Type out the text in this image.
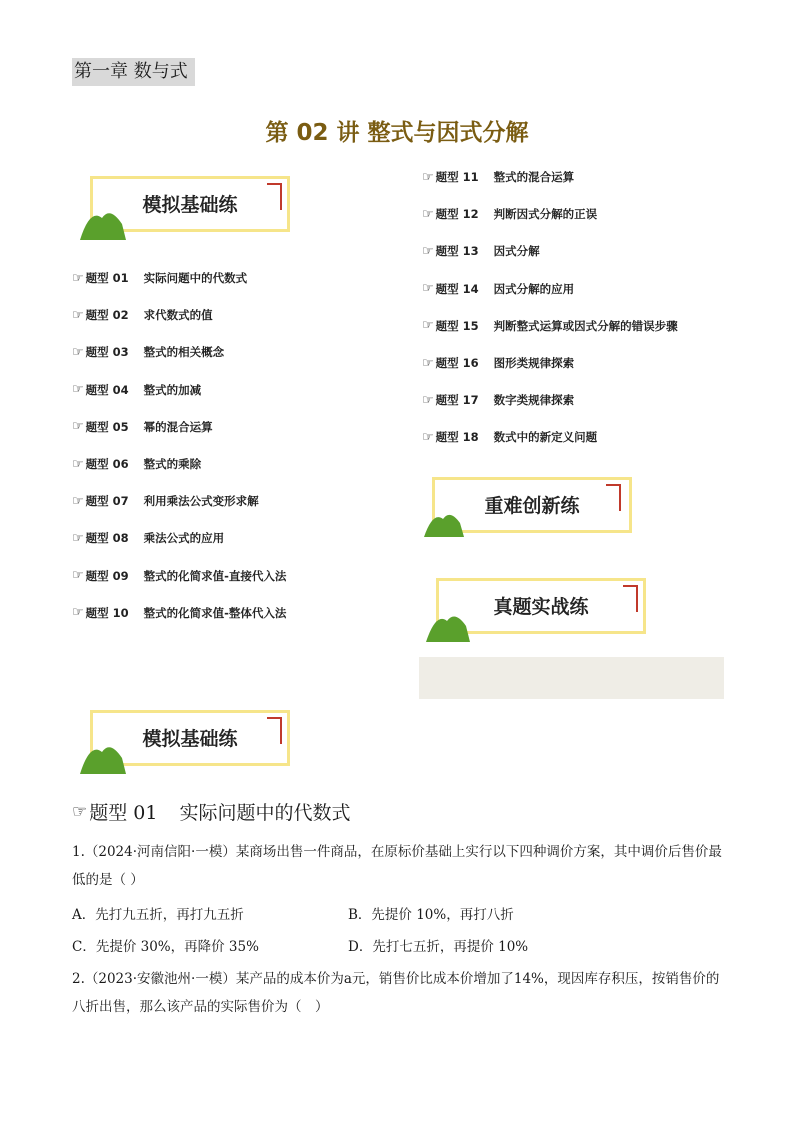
第一章 数与式
第 02 讲 整式与因式分解
模拟基础练
☞ 题型 01	实际问题中的代数式
☞ 题型 02	求代数式的值
☞ 题型 03	整式的相关概念
☞ 题型 04	整式的加减
☞ 题型 05	幂的混合运算
☞ 题型 06	整式的乘除
☞ 题型 07	利用乘法公式变形求解
☞ 题型 08	乘法公式的应用
☞ 题型 09	整式的化简求值-直接代入法
☞ 题型 10	整式的化简求值-整体代入法
☞ 题型 11	整式的混合运算
☞ 题型 12	判断因式分解的正误
☞ 题型 13	因式分解
☞ 题型 14	因式分解的应用
☞ 题型 15	判断整式运算或因式分解的错误步骤
☞ 题型 16	图形类规律探索
☞ 题型 17	数字类规律探索
☞ 题型 18	数式中的新定义问题
重难创新练
真题实战练
模拟基础练
☞ 题型 01 实际问题中的代数式
1.（2024·河南信阳·一模）某商场出售一件商品，在原标价基础上实行以下四种调价方案，其中调价后售价最低的是（ ）
A．先打九五折，再打九五折	B．先提价 10%，再打八折
C．先提价 30%，再降价 35%	D．先打七五折，再提价 10%
2.（2023·安徽池州·一模）某产品的成本价为a元，销售价比成本价增加了14%，现因库存积压，按销售价的八折出售，那么该产品的实际售价为（　）
